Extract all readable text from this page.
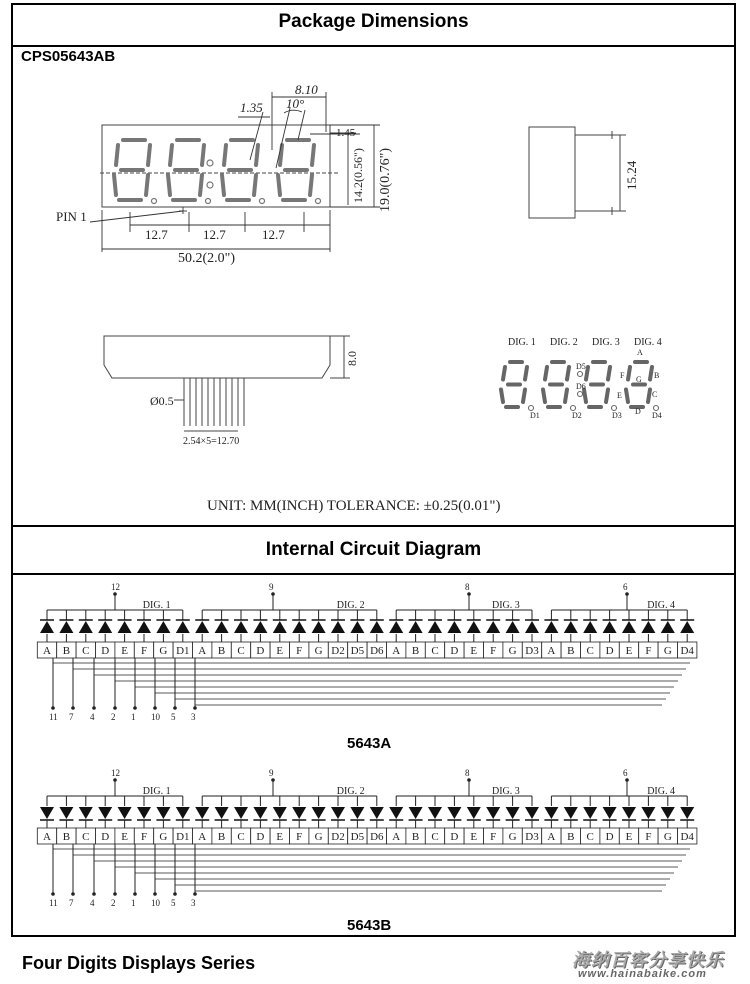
Package Dimensions
CPS05643AB
Internal Circuit Diagram
8.10
1.35 10°
1.45
14.2(0.56") 19.0(0.76")
PIN 1
12.7	12.7	12.7
50.2(2.0")
15.24
8.0
Ø0.5
2.54×5=12.70
DIG. 1 DIG. 2 DIG. 3 DIG. 4
D1	D2	D3	D4
D5
D6
A
B
C
D
E
F G
UNIT: MM(INCH) TOLERANCE: ±0.25(0.01")
12
DIG. 1
9
DIG. 2
8
DIG. 3
6
DIG. 4
A B C D E F G D1 A B C D E F G D2 D5 D6 A B C D E F G D3 A B C D E F G D4
11 7 4 2 1 10 5 3
5643A
12
DIG. 1
9
DIG. 2
8
DIG. 3
6
DIG. 4
A B C D E F G D1 A B C D E F G D2 D5 D6 A B C D E F G D3 A B C D E F G D4
11 7 4 2 1 10 5 3
5643B
Four Digits Displays Series	海纳百客分享快乐
www.hainabaike.com
